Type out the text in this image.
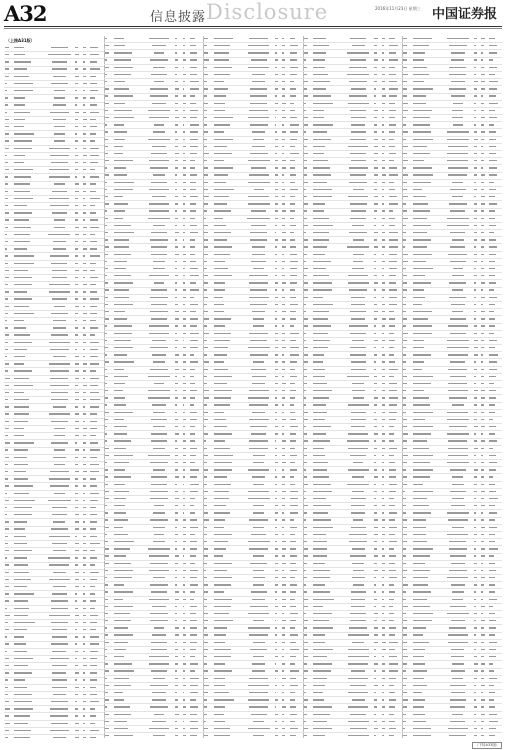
A32	信息披露 Disclosure	2016年11月23日 星期三 中国证券报
（上接A31版）
（下转A33版）
